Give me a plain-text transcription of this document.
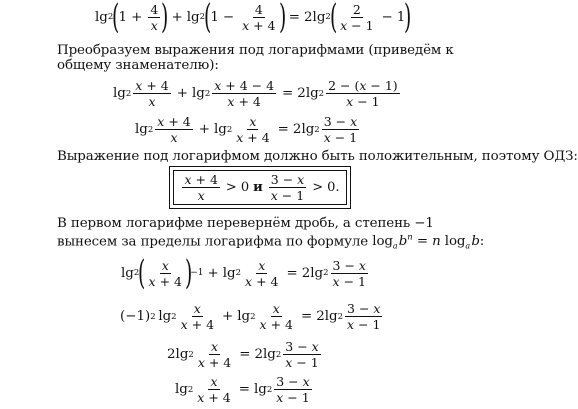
lg 2
(
$1 + \frac{4}{x}$ ) + lg 2
(
$1 - \frac{4}{x + 4}$ ) = 2 lg 2
( $\frac{2}{x - 1} - 1$
)
Преобразуем выражения под логарифмами (приведём к общему знаменателю):
$\lg 2 \frac{x + 4}{x} + \lg 2 \frac{x + 4 - 4}{x + 4} = 2$ $\lg 2 \frac{2 - (x - 1)}{x - 1}$
$\lg 2 \frac{x + 4}{x} + \lg 2 \frac{x}{x + 4} = 2$ $\lg 2 \frac{3 - x}{x - 1}$
Выражение под логарифмом должно быть положительным, поэтому ОДЗ:
$\frac{x + 4}{x} > 0$ и $\frac{3 - x}{x - 1} > 0$.
В первом логарифме перевернём дробь, а степень −1 вынесем за пределы логарифма по формуле $\log_a$ $b^n = n$ $\log_a$ b:
lg 2
( $\frac{x}{x + 4}$ )
$-1 + \lg 2 \frac{x}{x + 4} = 2$ $\lg 2 \frac{3 - x}{x - 1}$
(−1) 2
  $\lg 2 \frac{x}{x + 4} + \lg 2 \frac{x}{x + 4} = 2$ $\lg 2 \frac{3 - x}{x - 1}$
2 $\lg 2 \frac{x}{x + 4} = 2$ $\lg 2 \frac{3 - x}{x - 1}$
$\lg 2 \frac{x}{x + 4} = \lg 2 \frac{3 - x}{x - 1}$
